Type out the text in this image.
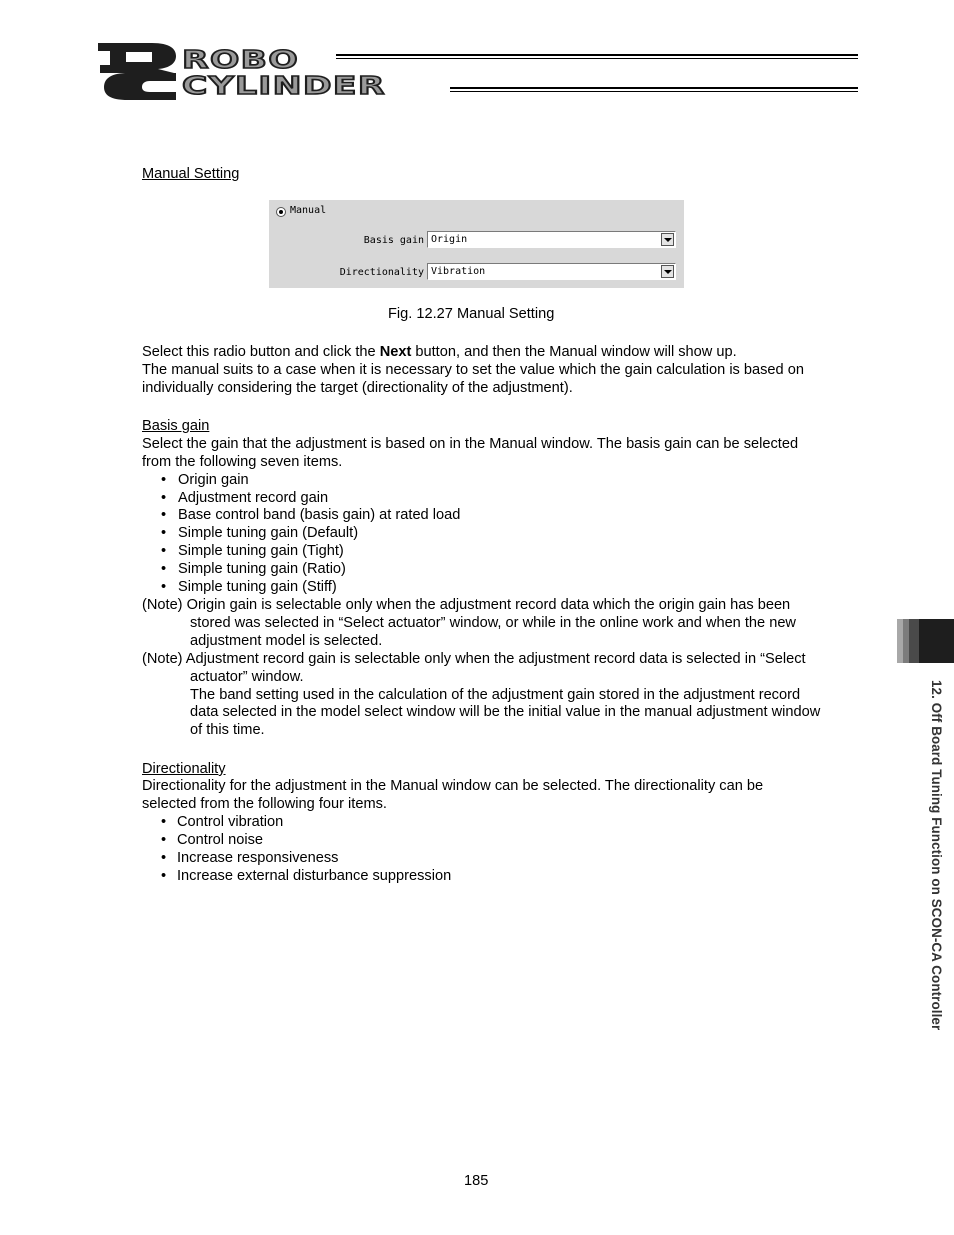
ROBO
CYLINDER
Manual Setting
Manual
Basis gain Origin
Directionality Vibration
Fig. 12.27 Manual Setting
Select this radio button and click the Next button, and then the Manual window will show up.
The manual suits to a case when it is necessary to set the value which the gain calculation is based on
individually considering the target (directionality of the adjustment).
Basis gain
Select the gain that the adjustment is based on in the Manual window. The basis gain can be selected
from the following seven items.
• Origin gain
• Adjustment record gain
• Base control band (basis gain) at rated load
• Simple tuning gain (Default)
• Simple tuning gain (Tight)
• Simple tuning gain (Ratio)
• Simple tuning gain (Stiff)
(Note) Origin gain is selectable only when the adjustment record data which the origin gain has been
stored was selected in “Select actuator” window, or while in the online work and when the new
adjustment model is selected.
(Note) Adjustment record gain is selectable only when the adjustment record data is selected in “Select
actuator” window.
The band setting used in the calculation of the adjustment gain stored in the adjustment record
data selected in the model select window will be the initial value in the manual adjustment window
of this time.
Directionality
Directionality for the adjustment in the Manual window can be selected. The directionality can be
selected from the following four items.
• Control vibration
• Control noise
• Increase responsiveness
• Increase external disturbance suppression	12. Off Board Tuning Function on SCON-CA Controller
185
